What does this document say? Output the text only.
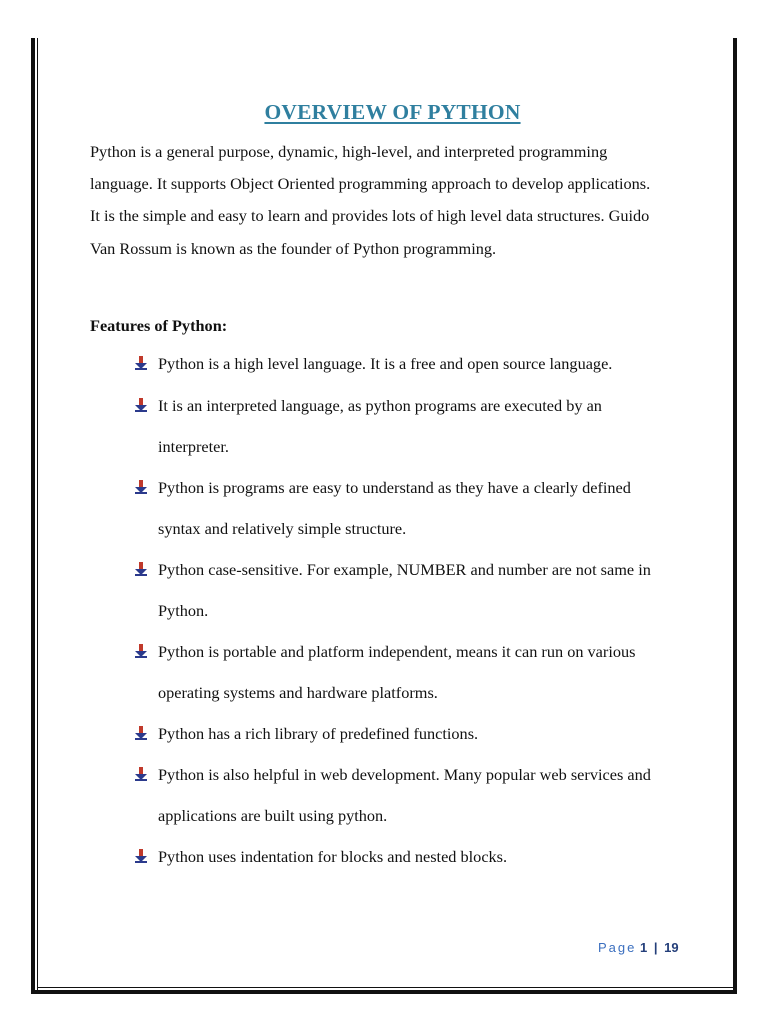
OVERVIEW OF PYTHON

Python is a general purpose, dynamic, high-level, and interpreted programming
language. It supports Object Oriented programming approach to develop applications.
It is the simple and easy to learn and provides lots of high level data structures. Guido
Van Rossum is known as the founder of Python programming.

Features of Python:

Python is a high level language. It is a free and open source language.
It is an interpreted language, as python programs are executed by an
interpreter.
Python is programs are easy to understand as they have a clearly defined
syntax and relatively simple structure.
Python case-sensitive. For example, NUMBER and number are not same in
Python.
Python is portable and platform independent, means it can run on various
operating systems and hardware platforms.
Python has a rich library of predefined functions.
Python is also helpful in web development. Many popular web services and
applications are built using python.
Python uses indentation for blocks and nested blocks.
Page 1 | 19
